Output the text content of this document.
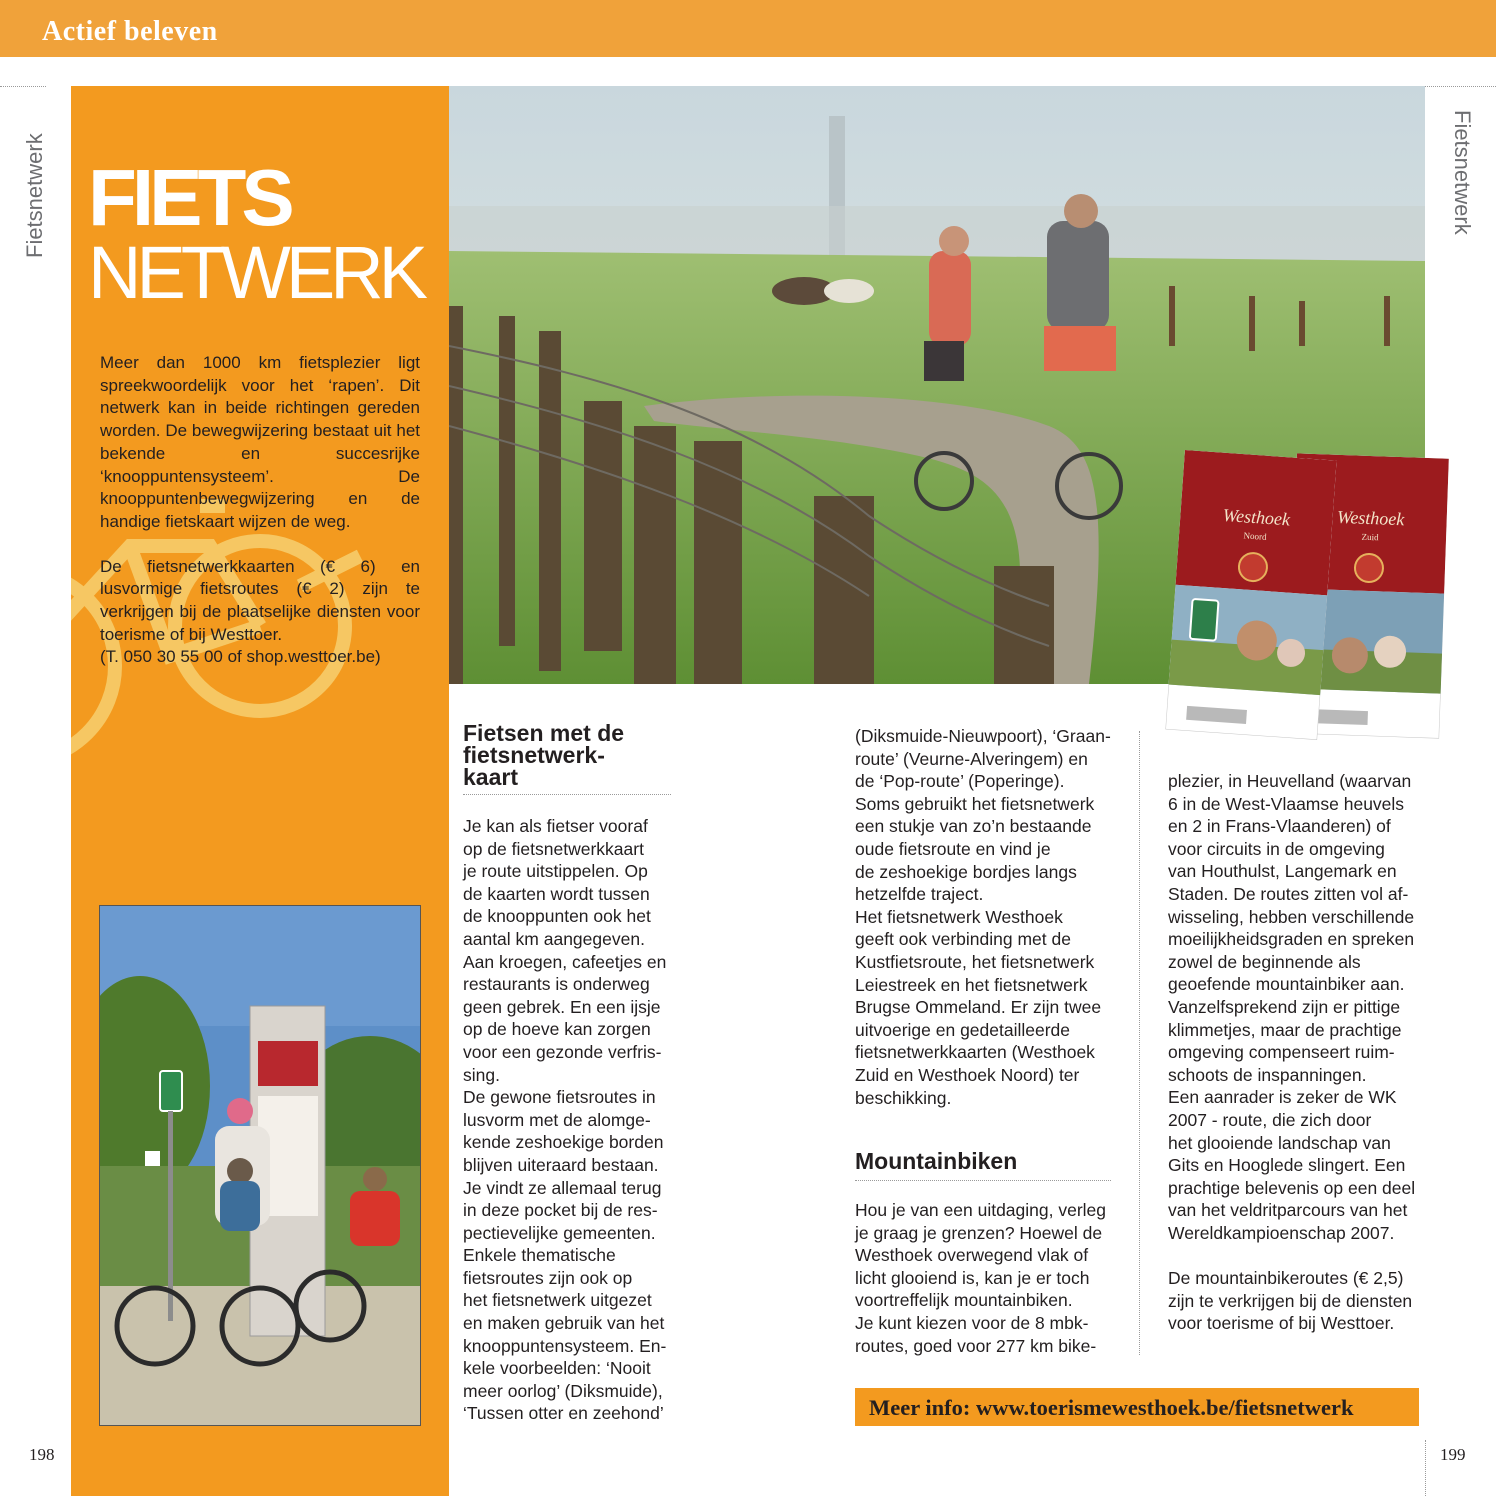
Actief beleven
Fietsnetwerk	Fietsnetwerk
FIETS
NETWERK

Meer dan 1000 km fietsplezier ligt spreekwoordelijk voor het ‘rapen’. Dit netwerk kan in beide richtingen gereden worden. De bewegwijzering bestaat uit het bekende en succesrijke ‘knooppuntensysteem’. De knooppuntenbewegwijzering en de handige fietskaart wijzen de weg.

De fietsnetwerkkaarten (€ 6) en lusvormige fietsroutes (€ 2) zijn te verkrijgen bij de plaatselijke diensten voor toerisme of bij Westtoer.

(T. 050 30 55 00 of shop.westtoer.be)

Westhoek
Zuid
Westhoek
Noord
Fietsen met de
fietsnetwerk-
kaart
Je kan als fietser vooraf
op de fietsnetwerkkaart
je route uitstippelen. Op
de kaarten wordt tussen
de knooppunten ook het
aantal km aangegeven.
Aan kroegen, cafeetjes en
restaurants is onderweg
geen gebrek. En een ijsje
op de hoeve kan zorgen
voor een gezonde verfris-
sing.
De gewone fietsroutes in
lusvorm met de alomge-
kende zeshoekige borden
blijven uiteraard bestaan.
Je vindt ze allemaal terug
in deze pocket bij de res-
pectievelijke gemeenten.
Enkele thematische
fietsroutes zijn ook op
het fietsnetwerk uitgezet
en maken gebruik van het
knooppuntensysteem. En-
kele voorbeelden: ‘Nooit
meer oorlog’ (Diksmuide),
‘Tussen otter en zeehond’
(Diksmuide-Nieuwpoort), ‘Graan-
route’ (Veurne-Alveringem) en
de ‘Pop-route’ (Poperinge).
Soms gebruikt het fietsnetwerk
een stukje van zo’n bestaande
oude fietsroute en vind je
de zeshoekige bordjes langs
hetzelfde traject.
Het fietsnetwerk Westhoek
geeft ook verbinding met de
Kustfietsroute, het fietsnetwerk
Leiestreek en het fietsnetwerk
Brugse Ommeland. Er zijn twee
uitvoerige en gedetailleerde
fietsnetwerkkaarten (Westhoek
Zuid en Westhoek Noord) ter
beschikking.
Mountainbiken
Hou je van een uitdaging, verleg
je graag je grenzen? Hoewel de
Westhoek overwegend vlak of
licht glooiend is, kan je er toch
voortreffelijk mountainbiken.
Je kunt kiezen voor de 8 mbk-
routes, goed voor 277 km bike-
plezier, in Heuvelland (waarvan
6 in de West-Vlaamse heuvels
en 2 in Frans-Vlaanderen) of
voor circuits in de omgeving
van Houthulst, Langemark en
Staden. De routes zitten vol af-
wisseling, hebben verschillende
moeilijkheidsgraden en spreken
zowel de beginnende als
geoefende mountainbiker aan.
Vanzelfsprekend zijn er pittige
klimmetjes, maar de prachtige
omgeving compenseert ruim-
schoots de inspanningen.
Een aanrader is zeker de WK
2007 - route, die zich door
het glooiende landschap van
Gits en Hooglede slingert. Een
prachtige belevenis op een deel
van het veldritparcours van het
Wereldkampioenschap 2007.

De mountainbikeroutes (€ 2,5)
zijn te verkrijgen bij de diensten
voor toerisme of bij Westtoer.
Meer info: www.toerismewesthoek.be/fietsnetwerk
198	199
